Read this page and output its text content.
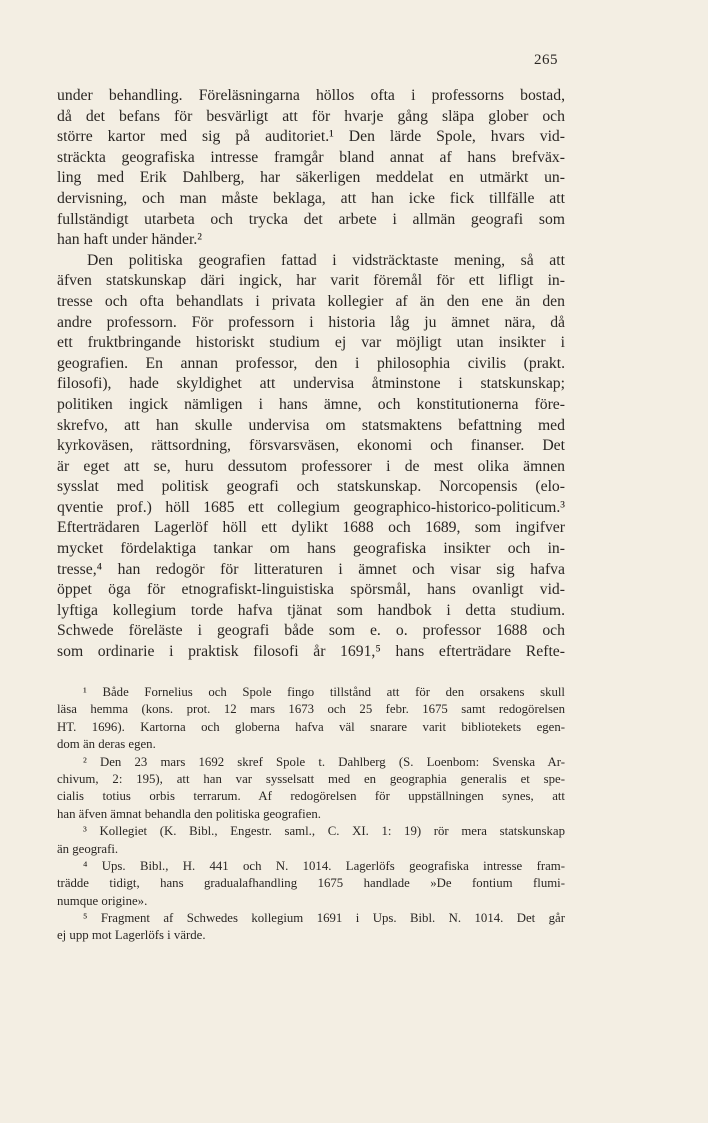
265
under behandling. Föreläsningarna höllos ofta i professorns bostad,
då det befans för besvärligt att för hvarje gång släpa glober och
större kartor med sig på auditoriet.¹ Den lärde Spole, hvars vid-
sträckta geografiska intresse framgår bland annat af hans brefväx-
ling med Erik Dahlberg, har säkerligen meddelat en utmärkt un-
dervisning, och man måste beklaga, att han icke fick tillfälle att
fullständigt utarbeta och trycka det arbete i allmän geografi som
han haft under händer.²
Den politiska geografien fattad i vidsträcktaste mening, så att
äfven statskunskap däri ingick, har varit föremål för ett lifligt in-
tresse och ofta behandlats i privata kollegier af än den ene än den
andre professorn. För professorn i historia låg ju ämnet nära, då
ett fruktbringande historiskt studium ej var möjligt utan insikter i
geografien. En annan professor, den i philosophia civilis (prakt.
filosofi), hade skyldighet att undervisa åtminstone i statskunskap;
politiken ingick nämligen i hans ämne, och konstitutionerna före-
skrefvo, att han skulle undervisa om statsmaktens befattning med
kyrkoväsen, rättsordning, försvarsväsen, ekonomi och finanser. Det
är eget att se, huru dessutom professorer i de mest olika ämnen
sysslat med politisk geografi och statskunskap. Norcopensis (elo-
qventie prof.) höll 1685 ett collegium geographico-historico-politicum.³
Efterträdaren Lagerlöf höll ett dylikt 1688 och 1689, som ingifver
mycket fördelaktiga tankar om hans geografiska insikter och in-
tresse,⁴ han redogör för litteraturen i ämnet och visar sig hafva
öppet öga för etnografiskt-linguistiska spörsmål, hans ovanligt vid-
lyftiga kollegium torde hafva tjänat som handbok i detta studium.
Schwede föreläste i geografi både som e. o. professor 1688 och
som ordinarie i praktisk filosofi år 1691,⁵ hans efterträdare Refte-
¹ Både Fornelius och Spole fingo tillstånd att för den orsakens skull
läsa hemma (kons. prot. 12 mars 1673 och 25 febr. 1675 samt redogörelsen
HT. 1696). Kartorna och globerna hafva väl snarare varit bibliotekets egen-
dom än deras egen.
² Den 23 mars 1692 skref Spole t. Dahlberg (S. Loenbom: Svenska Ar-
chivum, 2: 195), att han var sysselsatt med en geographia generalis et spe-
cialis totius orbis terrarum. Af redogörelsen för uppställningen synes, att
han äfven ämnat behandla den politiska geografien.
³ Kollegiet (K. Bibl., Engestr. saml., C. XI. 1: 19) rör mera statskunskap
än geografi.
⁴ Ups. Bibl., H. 441 och N. 1014. Lagerlöfs geografiska intresse fram-
trädde tidigt, hans gradualafhandling 1675 handlade »De fontium flumi-
numque origine».
⁵ Fragment af Schwedes kollegium 1691 i Ups. Bibl. N. 1014. Det går
ej upp mot Lagerlöfs i värde.
